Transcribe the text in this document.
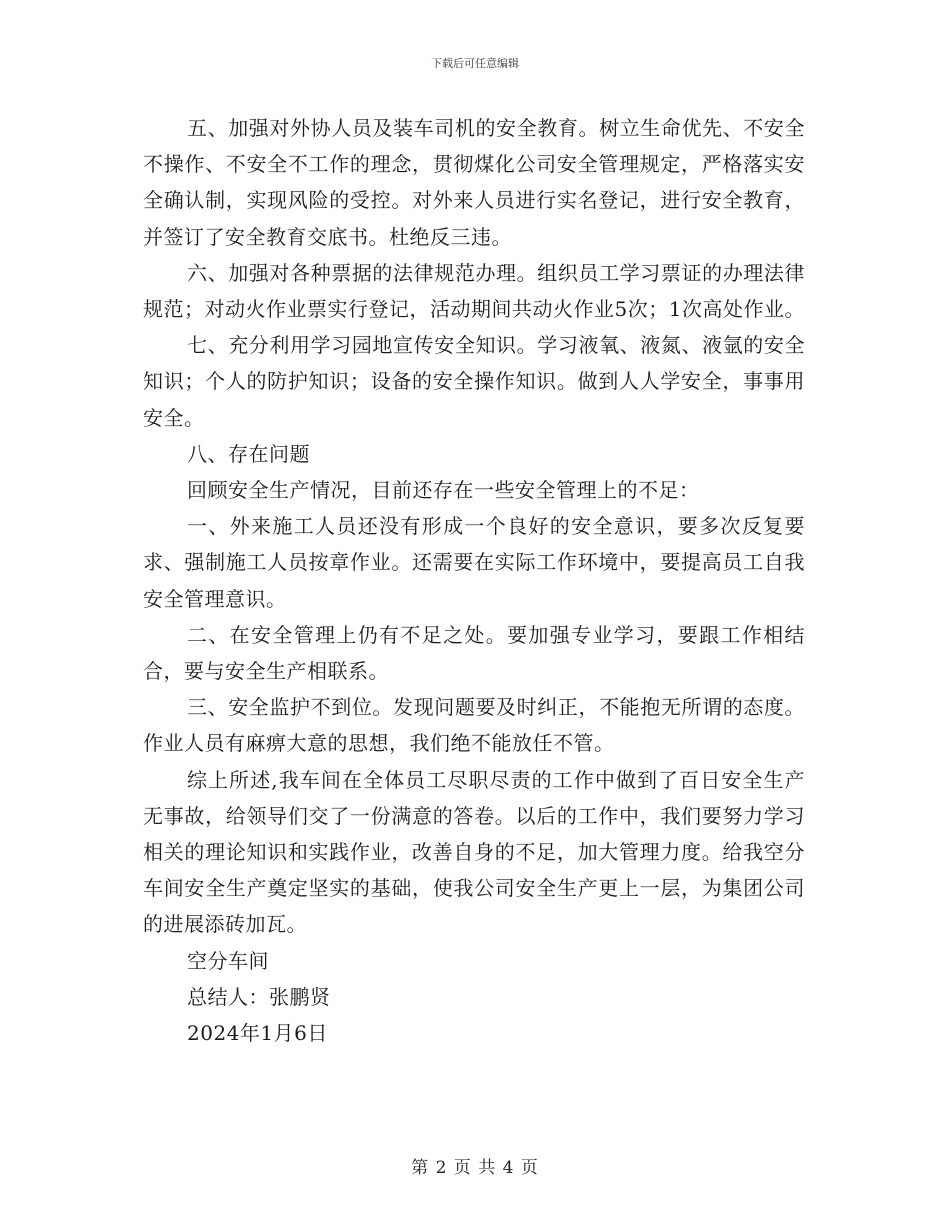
下载后可任意编辑

五、加强对外协人员及装车司机的安全教育。树立生命优先、不安全不操作、不安全不工作的理念，贯彻煤化公司安全管理规定，严格落实安全确认制，实现风险的受控。对外来人员进行实名登记，进行安全教育，并签订了安全教育交底书。杜绝反三违。

六、加强对各种票据的法律规范办理。组织员工学习票证的办理法律规范；对动火作业票实行登记，活动期间共动火作业5次；1次高处作业。

七、充分利用学习园地宣传安全知识。学习液氧、液氮、液氩的安全知识；个人的防护知识；设备的安全操作知识。做到人人学安全，事事用安全。

八、存在问题

回顾安全生产情况，目前还存在一些安全管理上的不足：

一、外来施工人员还没有形成一个良好的安全意识，要多次反复要求、强制施工人员按章作业。还需要在实际工作环境中，要提高员工自我安全管理意识。

二、在安全管理上仍有不足之处。要加强专业学习，要跟工作相结合，要与安全生产相联系。

三、安全监护不到位。发现问题要及时纠正，不能抱无所谓的态度。作业人员有麻痹大意的思想，我们绝不能放任不管。

综上所述,我车间在全体员工尽职尽责的工作中做到了百日安全生产无事故，给领导们交了一份满意的答卷。以后的工作中，我们要努力学习相关的理论知识和实践作业，改善自身的不足，加大管理力度。给我空分车间安全生产奠定坚实的基础，使我公司安全生产更上一层，为集团公司的进展添砖加瓦。

空分车间

总结人：张鹏贤

2024年1月6日

第 2 页 共 4 页
